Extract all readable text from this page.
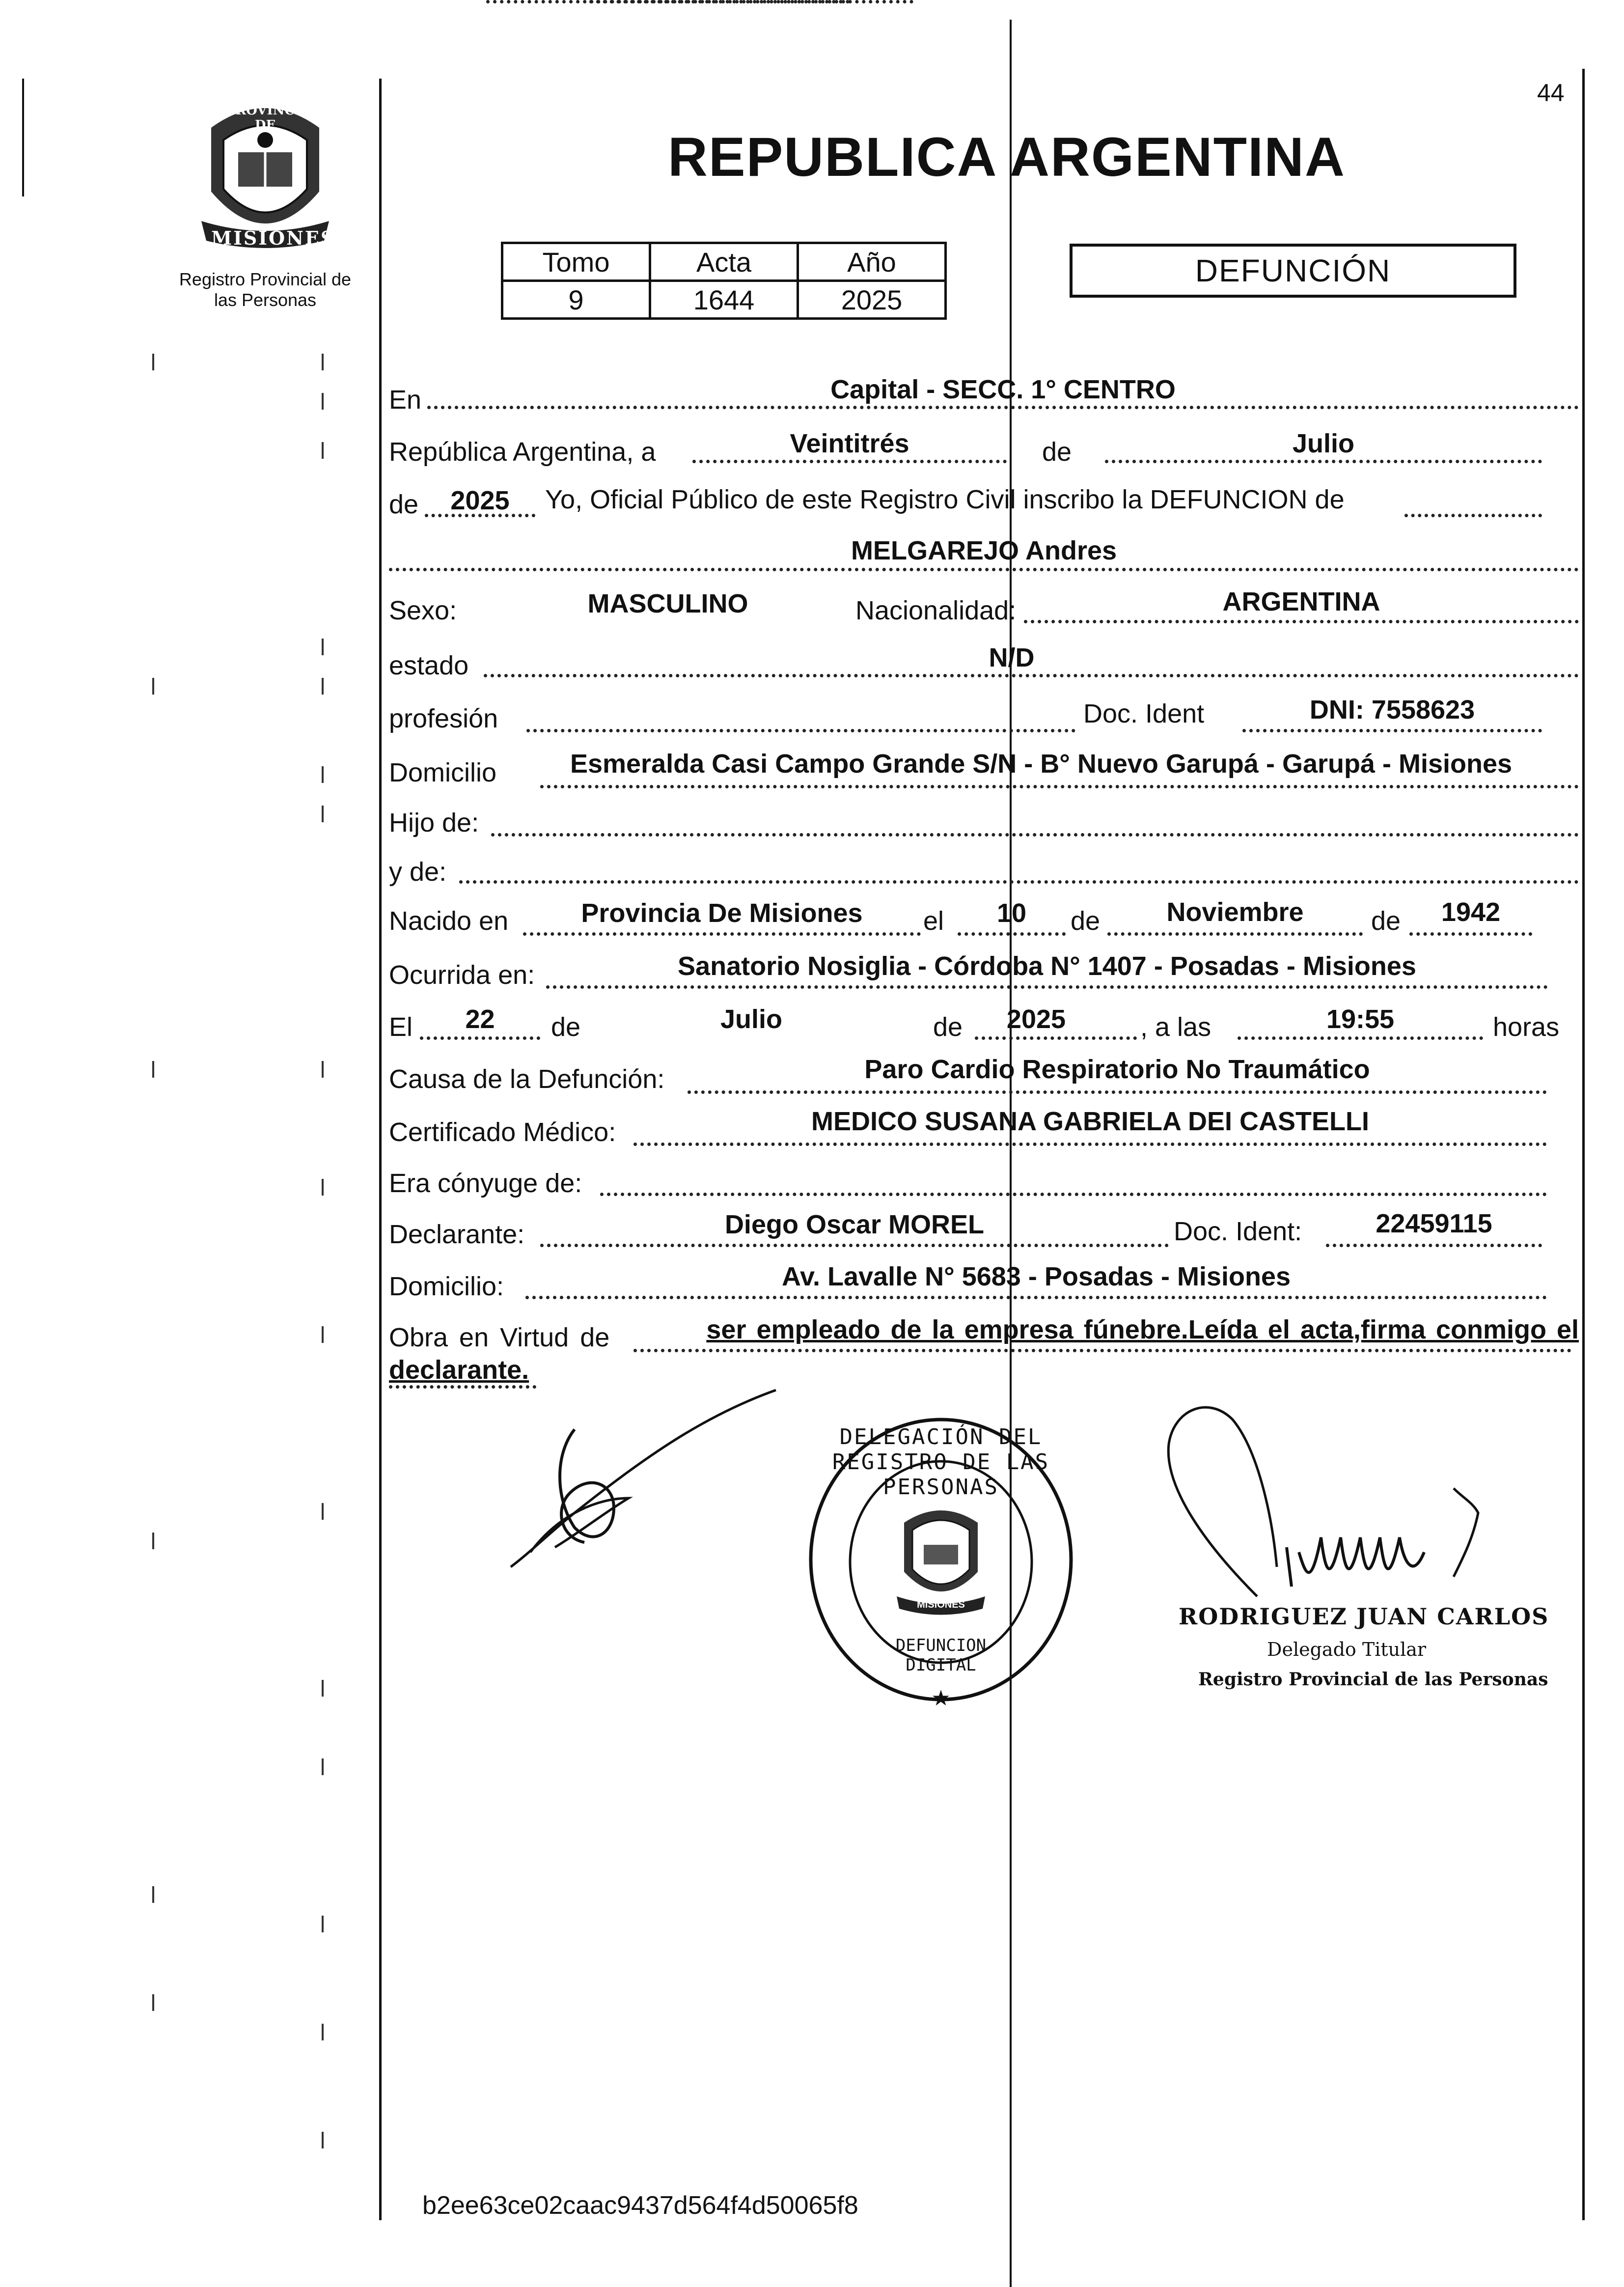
44
PROVINCIA DE
MISIONES
Registro Provincial de
las Personas
REPUBLICA ARGENTINA
Tomo	Acta	Año
9	1644	2025
DEFUNCIÓN
En	Capital - SECC. 1° CENTRO
República Argentina, a	Veintitrés	de	Julio
de	2025	Yo, Oficial Público de este Registro Civil inscribo la DEFUNCION de
MELGAREJO Andres
Sexo:	MASCULINO	Nacionalidad:	ARGENTINA
estado	N/D
profesión	Doc. Ident	DNI: 7558623
Domicilio	Esmeralda Casi Campo Grande S/N - B° Nuevo Garupá - Garupá - Misiones
Hijo de:
y de:
Nacido en	Provincia De Misiones	el	10	de	Noviembre	de	1942
Ocurrida en:	Sanatorio Nosiglia - Córdoba N° 1407 - Posadas - Misiones
El	22	de	Julio	de	2025	, a las	19:55	horas
Causa de la Defunción:	Paro Cardio Respiratorio No Traumático
Certificado Médico:	MEDICO SUSANA GABRIELA DEI CASTELLI
Era cónyuge de:
Declarante:	Diego Oscar MOREL	Doc. Ident:	22459115
Domicilio:	Av. Lavalle N° 5683 - Posadas - Misiones
Obra en Virtud de	ser empleado de la empresa fúnebre.Leída el acta,firma conmigo el
declarante.
★
DELEGACIÓN DEL REGISTRO DE LAS PERSONAS
DEFUNCION DIGITAL
MISIONES	RODRIGUEZ JUAN CARLOS
Delegado Titular
Registro Provincial de las Personas
b2ee63ce02caac9437d564f4d50065f8
